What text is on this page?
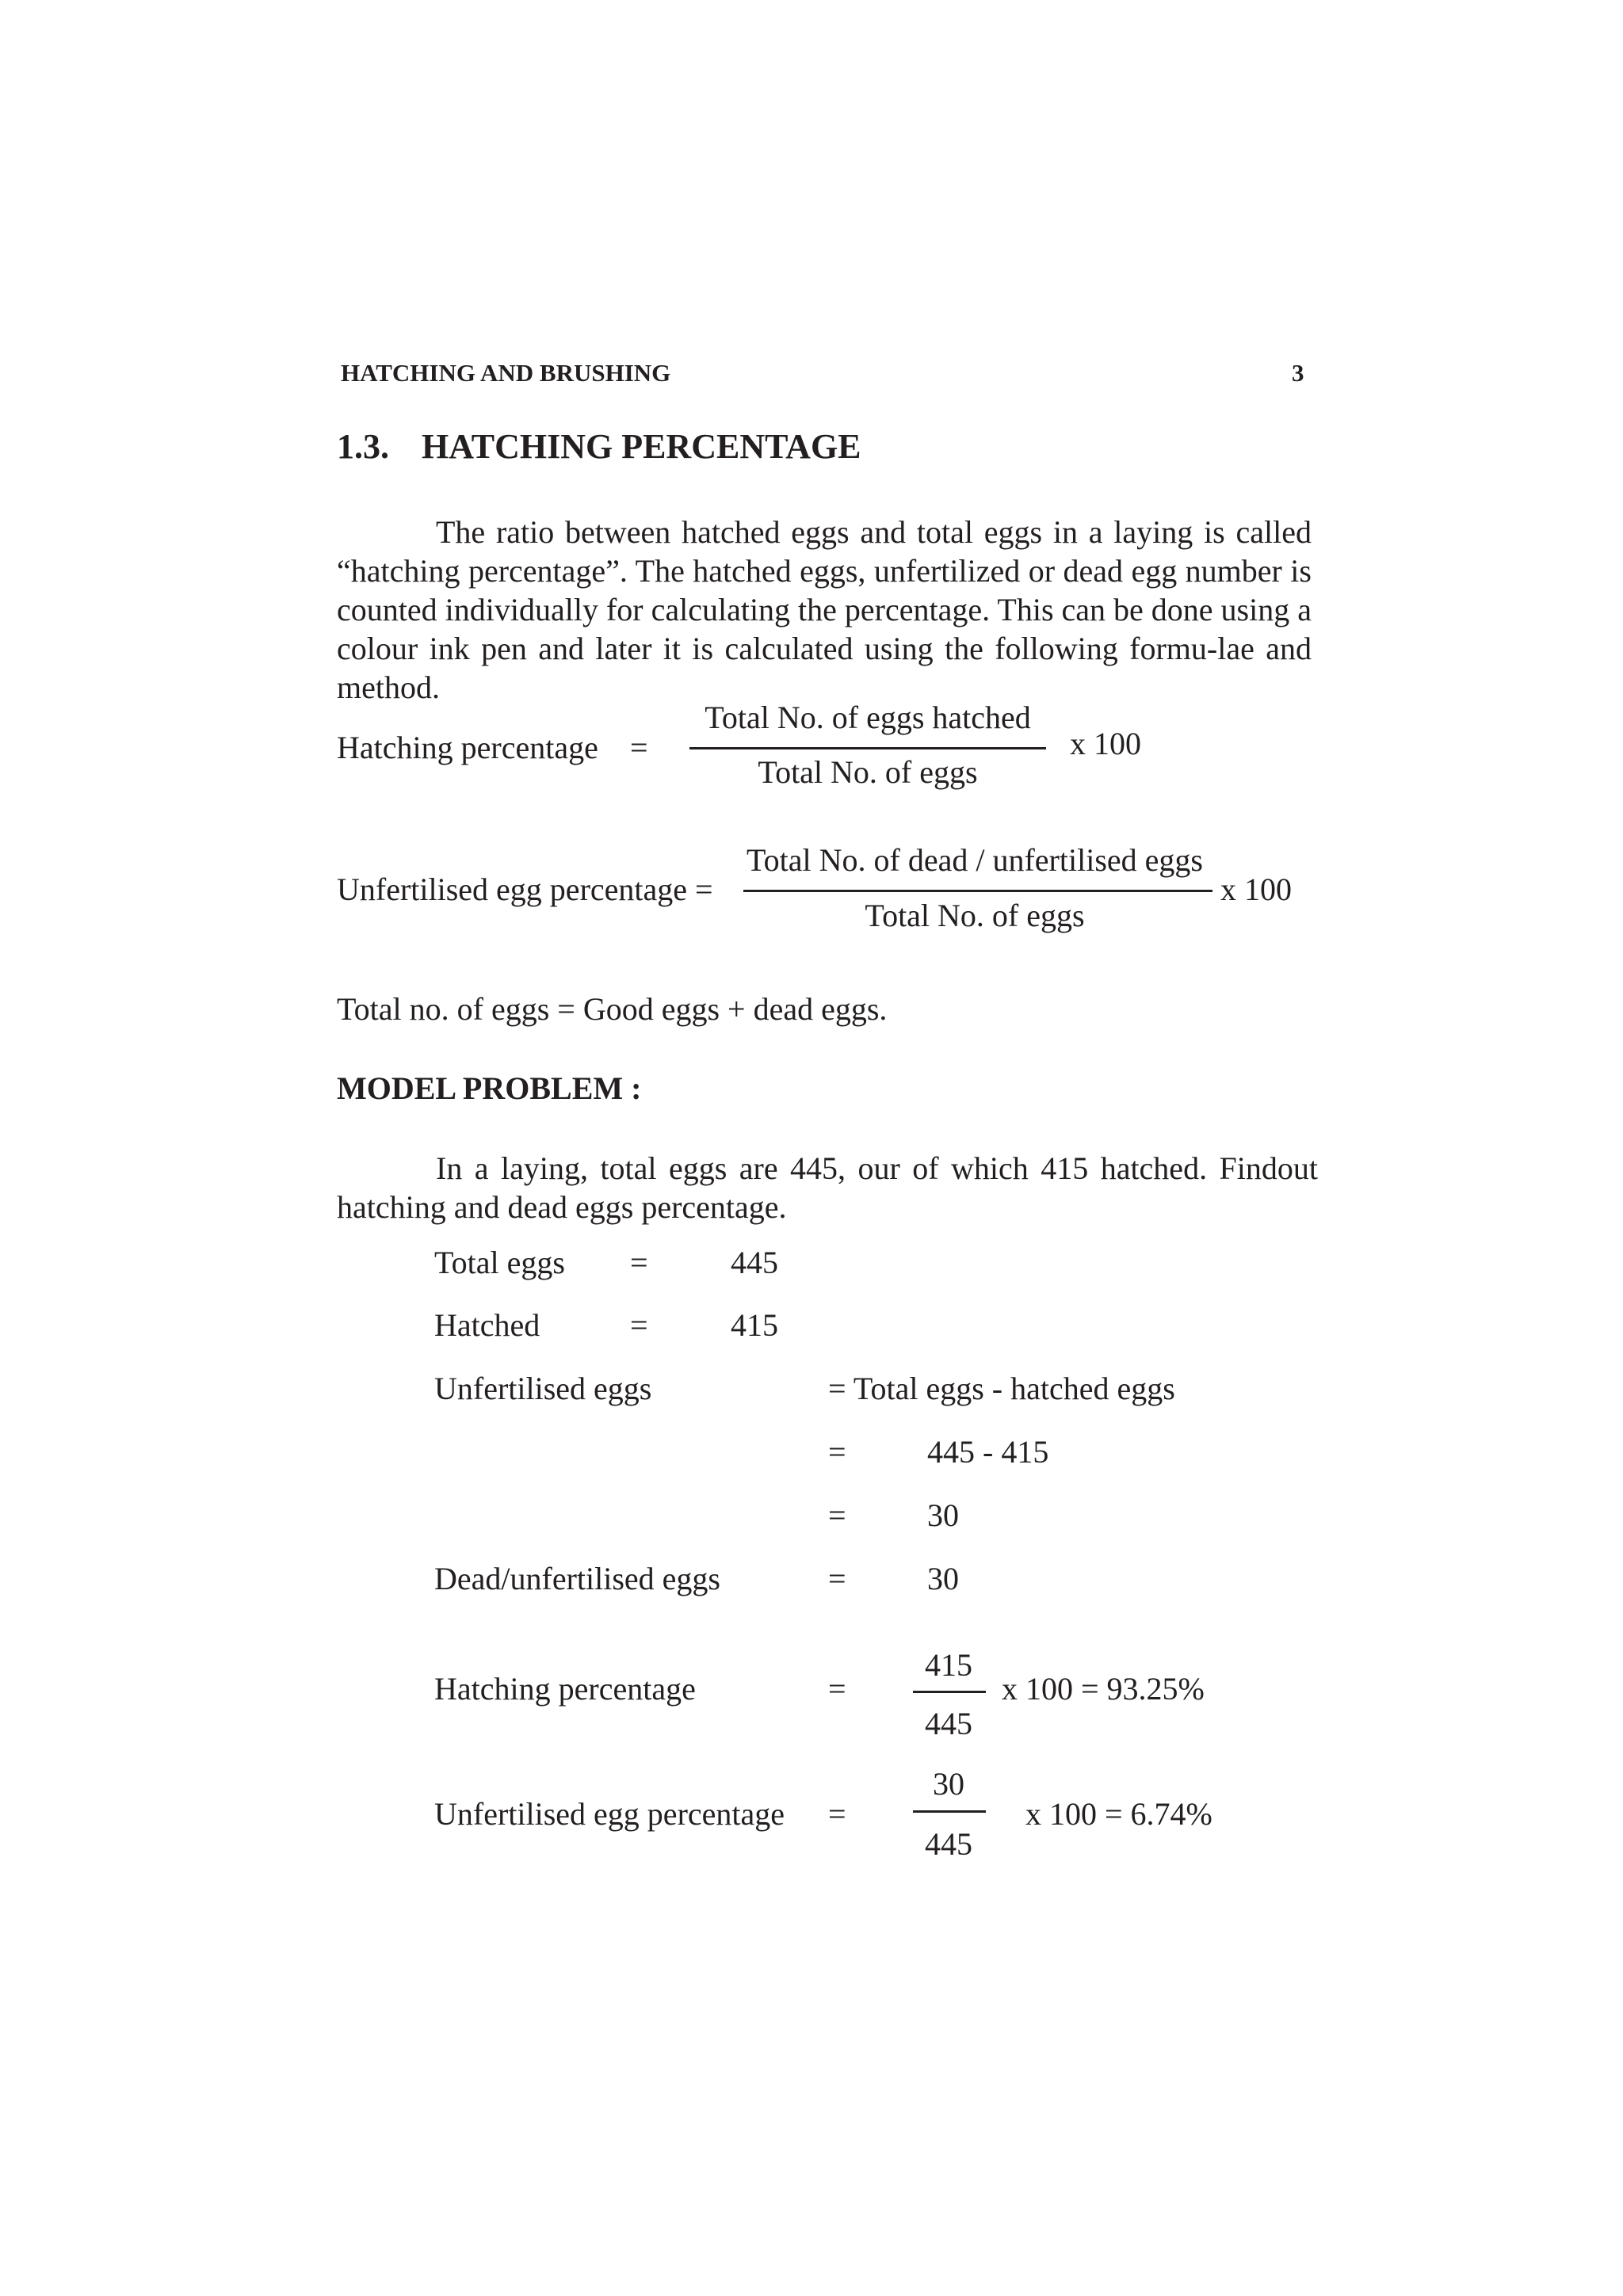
HATCHING AND BRUSHING	3
1.3. HATCHING PERCENTAGE

The ratio between hatched eggs and total eggs in a laying is called “hatching percentage”. The hatched eggs, unfertilized or dead egg number is counted individually for calculating the percentage. This can be done using a colour ink pen and later it is calculated using the following formu-lae and method.

Hatching percentage =
Total No. of eggs hatched
Total No. of eggs
x 100
Unfertilised egg percentage =
Total No. of dead / unfertilised eggs
Total No. of eggs
x 100
Total no. of eggs = Good eggs + dead eggs.
MODEL PROBLEM :

In a laying, total eggs are 445, our of which 415 hatched. Findout hatching and dead eggs percentage.

Total eggs =	445
Hatched	=	415
Unfertilised eggs	= Total eggs - hatched eggs
=	445 - 415
=	30
Dead/unfertilised eggs	=	30
Hatching percentage	=
415
445
x 100 = 93.25%
Unfertilised egg percentage =
30
445
x 100 = 6.74%
